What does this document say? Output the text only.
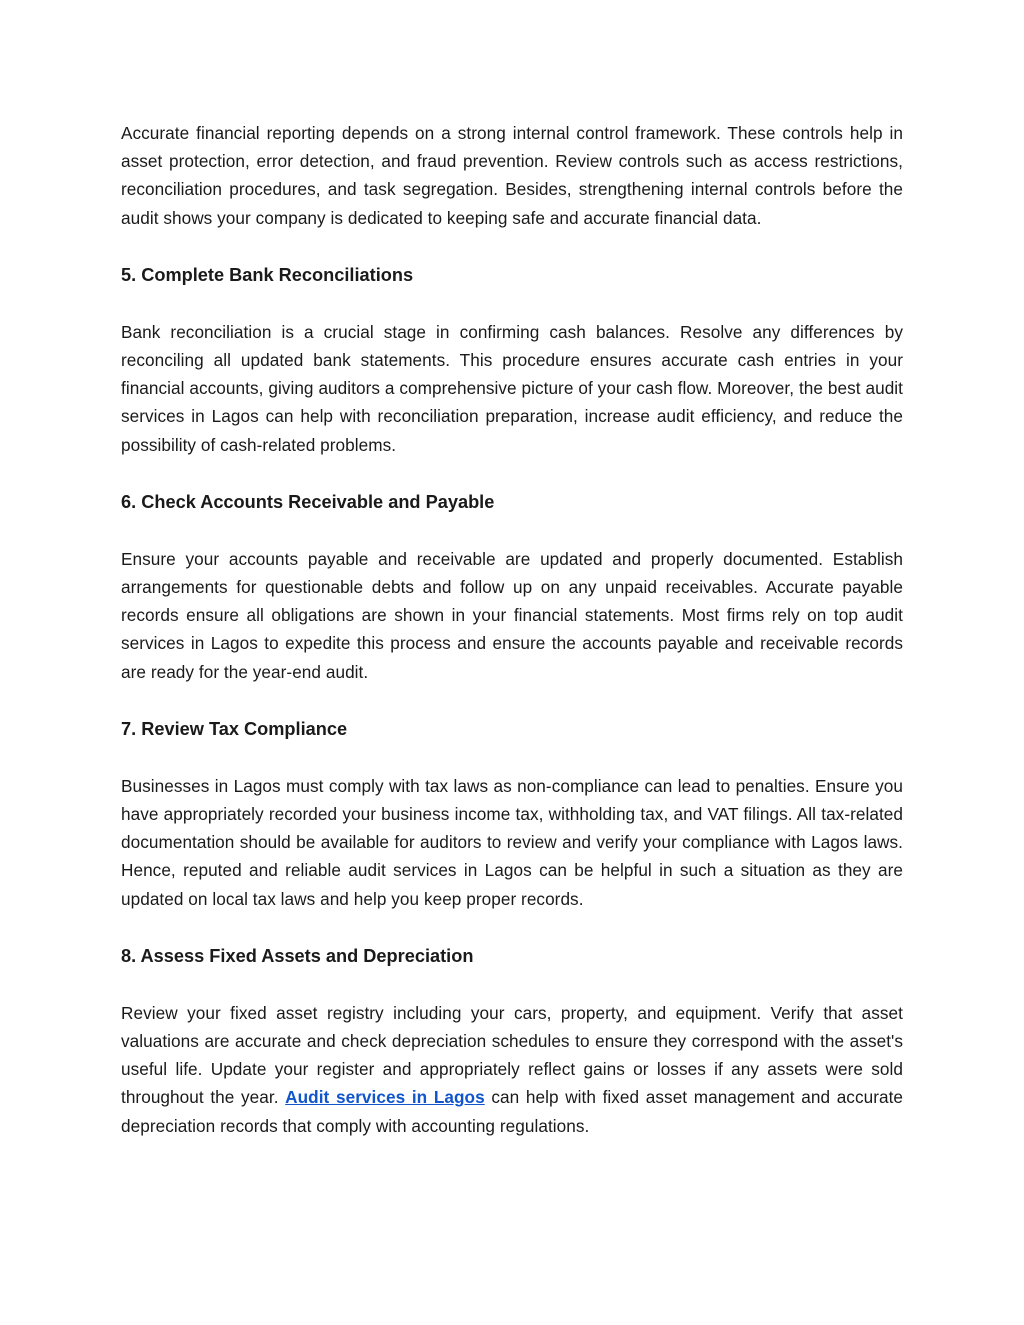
Accurate financial reporting depends on a strong internal control framework. These controls help in asset protection, error detection, and fraud prevention. Review controls such as access restrictions, reconciliation procedures, and task segregation. Besides, strengthening internal controls before the audit shows your company is dedicated to keeping safe and accurate financial data.

5. Complete Bank Reconciliations

Bank reconciliation is a crucial stage in confirming cash balances. Resolve any differences by reconciling all updated bank statements. This procedure ensures accurate cash entries in your financial accounts, giving auditors a comprehensive picture of your cash flow. Moreover, the best audit services in Lagos can help with reconciliation preparation, increase audit efficiency, and reduce the possibility of cash-related problems.

6. Check Accounts Receivable and Payable

Ensure your accounts payable and receivable are updated and properly documented. Establish arrangements for questionable debts and follow up on any unpaid receivables. Accurate payable records ensure all obligations are shown in your financial statements. Most firms rely on top audit services in Lagos to expedite this process and ensure the accounts payable and receivable records are ready for the year-end audit.

7. Review Tax Compliance

Businesses in Lagos must comply with tax laws as non-compliance can lead to penalties. Ensure you have appropriately recorded your business income tax, withholding tax, and VAT filings. All tax-related documentation should be available for auditors to review and verify your compliance with Lagos laws. Hence, reputed and reliable audit services in Lagos can be helpful in such a situation as they are updated on local tax laws and help you keep proper records.

8. Assess Fixed Assets and Depreciation

Review your fixed asset registry including your cars, property, and equipment. Verify that asset valuations are accurate and check depreciation schedules to ensure they correspond with the asset's useful life. Update your register and appropriately reflect gains or losses if any assets were sold throughout the year. Audit services in Lagos can help with fixed asset management and accurate depreciation records that comply with accounting regulations.
